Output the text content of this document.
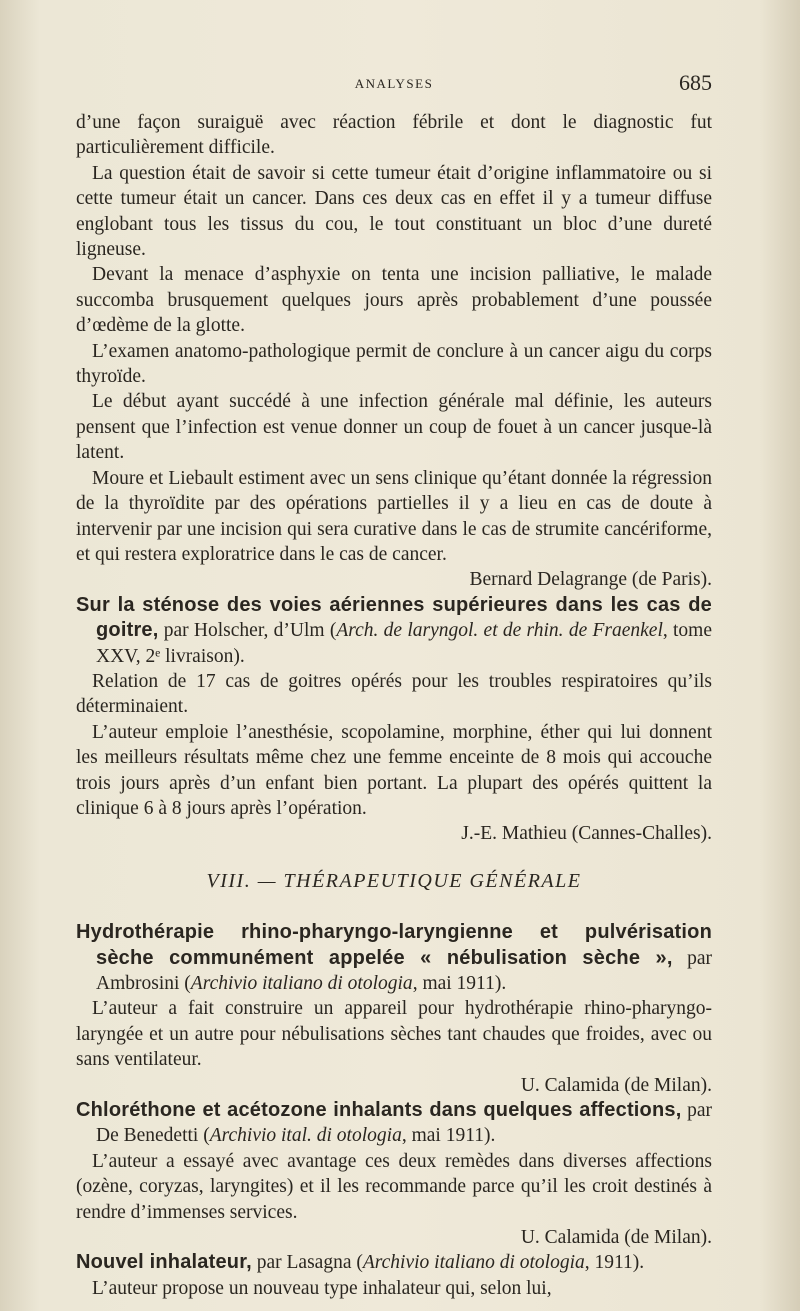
ANALYSES	685

d’une façon suraiguë avec réaction fébrile et dont le diagnostic fut particulièrement difficile.

La question était de savoir si cette tumeur était d’origine inflammatoire ou si cette tumeur était un cancer. Dans ces deux cas en effet il y a tumeur diffuse englobant tous les tissus du cou, le tout constituant un bloc d’une dureté ligneuse.

Devant la menace d’asphyxie on tenta une incision palliative, le malade succomba brusquement quelques jours après probablement d’une poussée d’œdème de la glotte.

L’examen anatomo-pathologique permit de conclure à un cancer aigu du corps thyroïde.

Le début ayant succédé à une infection générale mal définie, les auteurs pensent que l’infection est venue donner un coup de fouet à un cancer jusque-là latent.

Moure et Liebault estiment avec un sens clinique qu’étant donnée la régression de la thyroïdite par des opérations partielles il y a lieu en cas de doute à intervenir par une incision qui sera curative dans le cas de strumite cancériforme, et qui restera exploratrice dans le cas de cancer.

Bernard Delagrange (de Paris).

Sur la sténose des voies aériennes supérieures dans les cas de goitre, par Holscher, d’Ulm (Arch. de laryngol. et de rhin. de Fraenkel, tome XXV, 2ᵉ livraison).

Relation de 17 cas de goitres opérés pour les troubles respiratoires qu’ils déterminaient.

L’auteur emploie l’anesthésie, scopolamine, morphine, éther qui lui donnent les meilleurs résultats même chez une femme enceinte de 8 mois qui accouche trois jours après d’un enfant bien portant. La plupart des opérés quittent la clinique 6 à 8 jours après l’opération.

J.-E. Mathieu (Cannes-Challes).

VIII. — THÉRAPEUTIQUE GÉNÉRALE

Hydrothérapie rhino-pharyngo-laryngienne et pulvérisation sèche communément appelée « nébulisation sèche », par Ambrosini (Archivio italiano di otologia, mai 1911).

L’auteur a fait construire un appareil pour hydrothérapie rhino-pharyngo-laryngée et un autre pour nébulisations sèches tant chaudes que froides, avec ou sans ventilateur.

U. Calamida (de Milan).

Chloréthone et acétozone inhalants dans quelques affections, par De Benedetti (Archivio ital. di otologia, mai 1911).

L’auteur a essayé avec avantage ces deux remèdes dans diverses affections (ozène, coryzas, laryngites) et il les recommande parce qu’il les croit destinés à rendre d’immenses services.

U. Calamida (de Milan).

Nouvel inhalateur, par Lasagna (Archivio italiano di otologia, 1911).

L’auteur propose un nouveau type inhalateur qui, selon lui,
